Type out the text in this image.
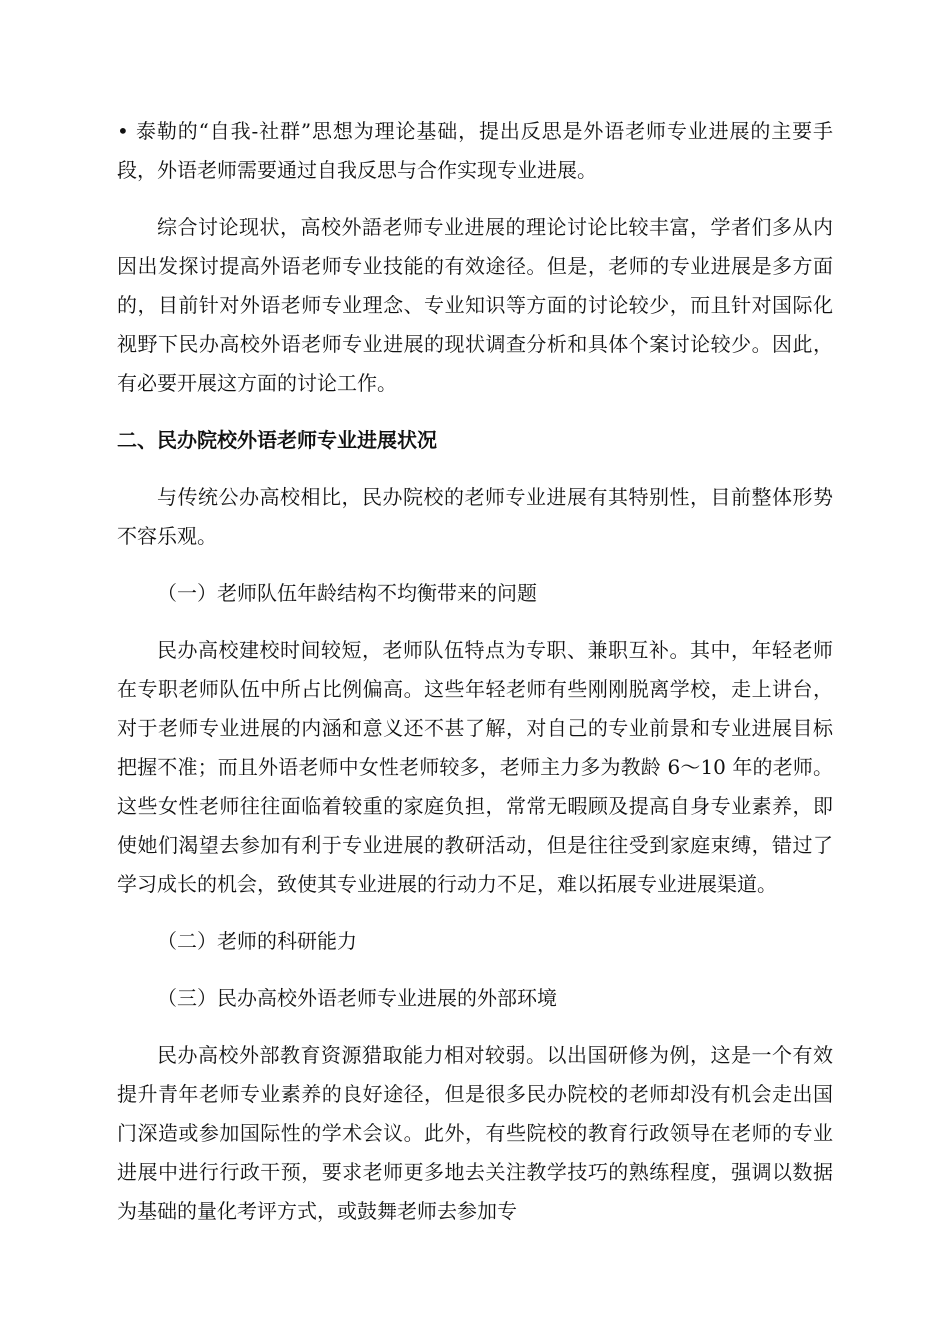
• 泰勒的“自我-社群”思想为理论基础，提出反思是外语老师专业进展的主要手段，外语老师需要通过自我反思与合作实现专业进展。

综合讨论现状，高校外語老师专业进展的理论讨论比较丰富，学者们多从内因出发探讨提高外语老师专业技能的有效途径。但是，老师的专业进展是多方面的，目前针对外语老师专业理念、专业知识等方面的讨论较少，而且针对国际化视野下民办高校外语老师专业进展的现状调查分析和具体个案讨论较少。因此，有必要开展这方面的讨论工作。

二、民办院校外语老师专业进展状况

与传统公办高校相比，民办院校的老师专业进展有其特别性，目前整体形势不容乐观。

（一）老师队伍年龄结构不均衡带来的问题

民办高校建校时间较短，老师队伍特点为专职、兼职互补。其中，年轻老师在专职老师队伍中所占比例偏高。这些年轻老师有些刚刚脱离学校，走上讲台，对于老师专业进展的内涵和意义还不甚了解，对自己的专业前景和专业进展目标把握不准；而且外语老师中女性老师较多，老师主力多为教龄 6～10 年的老师。这些女性老师往往面临着较重的家庭负担，常常无暇顾及提高自身专业素养，即使她们渴望去参加有利于专业进展的教研活动，但是往往受到家庭束缚，错过了学习成长的机会，致使其专业进展的行动力不足，难以拓展专业进展渠道。

（二）老师的科研能力
（三）民办高校外语老师专业进展的外部环境

民办高校外部教育资源猎取能力相对较弱。以出国研修为例，这是一个有效提升青年老师专业素养的良好途径，但是很多民办院校的老师却没有机会走出国门深造或参加国际性的学术会议。此外，有些院校的教育行政领导在老师的专业进展中进行行政干预，要求老师更多地去关注教学技巧的熟练程度，强调以数据为基础的量化考评方式，或鼓舞老师去参加专
